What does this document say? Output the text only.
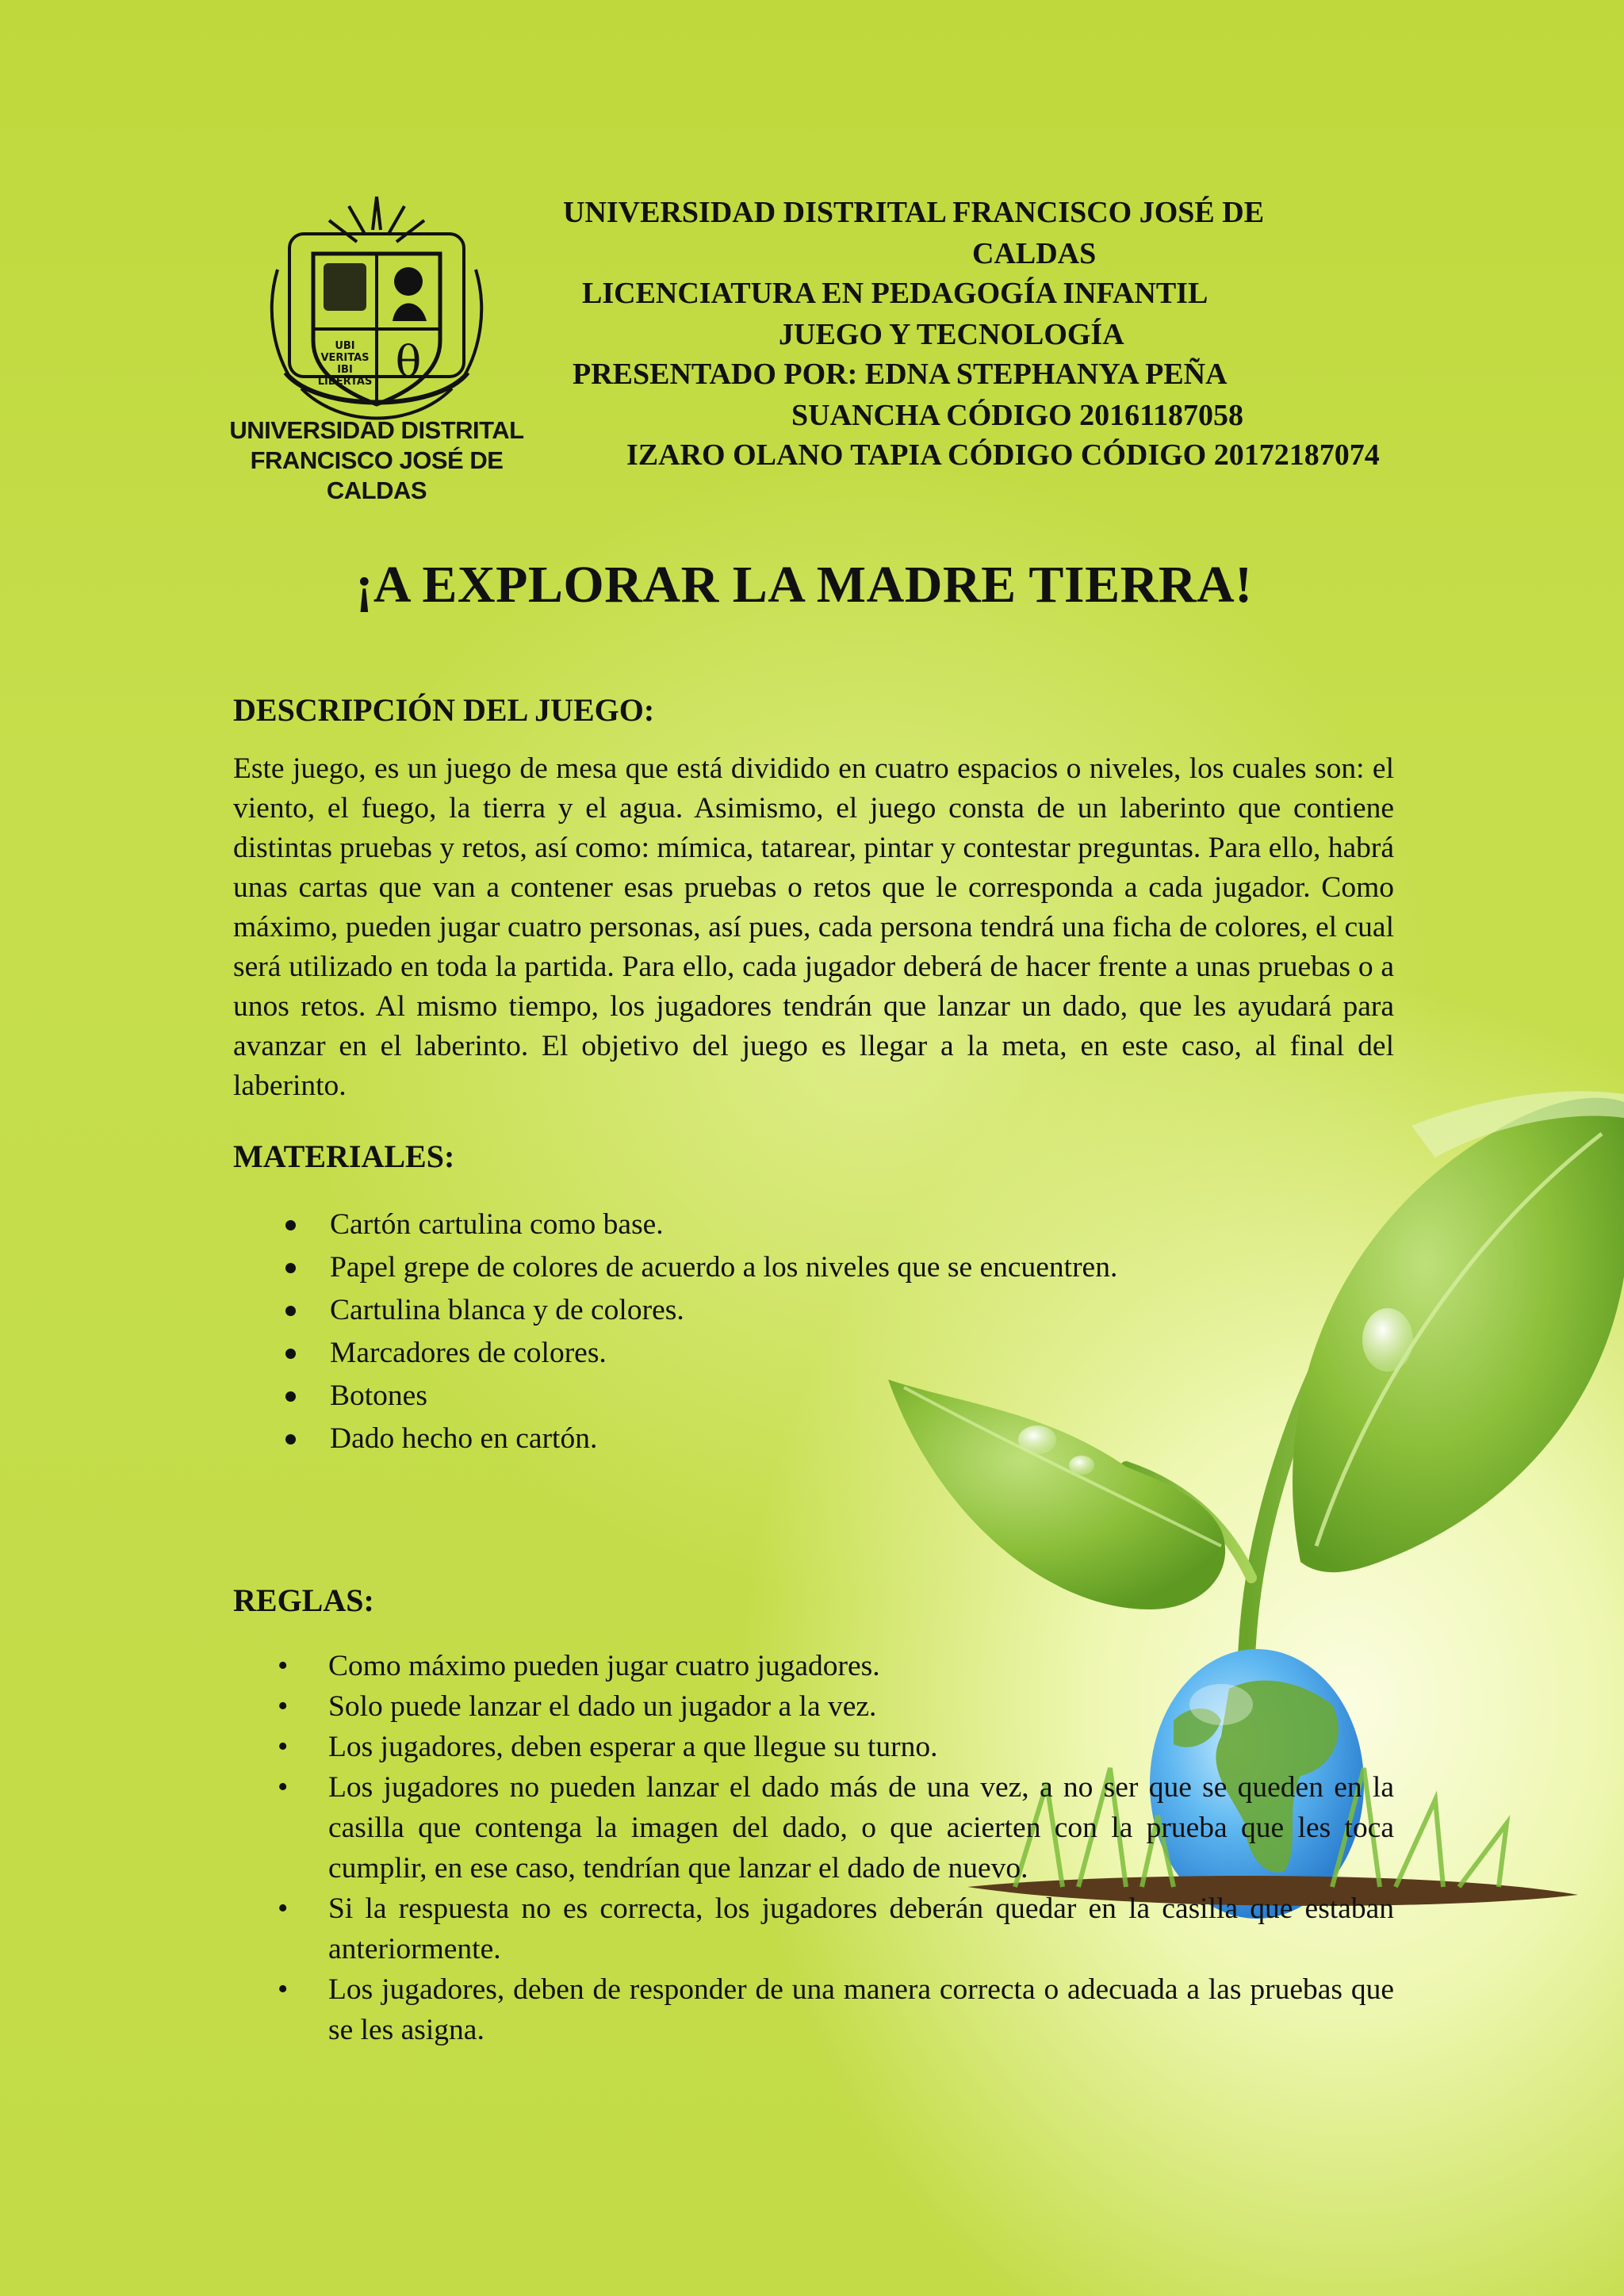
UBI
VERITAS
IBI
LIBERTAS θ
UNIVERSIDAD DISTRITAL
FRANCISCO JOSÉ DE CALDAS
UNIVERSIDAD DISTRITAL FRANCISCO JOSÉ DE
CALDAS
LICENCIATURA EN PEDAGOGÍA INFANTIL
JUEGO Y TECNOLOGÍA
PRESENTADO POR: EDNA STEPHANYA PEÑA
SUANCHA CÓDIGO 20161187058
IZARO OLANO TAPIA CÓDIGO CÓDIGO 20172187074
¡A EXPLORAR LA MADRE TIERRA!
DESCRIPCIÓN DEL JUEGO:
Este juego, es un juego de mesa que está dividido en cuatro espacios o niveles, los cuales son: el viento, el fuego, la tierra y el agua. Asimismo, el juego consta de un laberinto que contiene distintas pruebas y retos, así como: mímica, tatarear, pintar y contestar preguntas. Para ello, habrá unas cartas que van a contener esas pruebas o retos que le corresponda a cada jugador. Como máximo, pueden jugar cuatro personas, así pues, cada persona tendrá una ficha de colores, el cual será utilizado en toda la partida. Para ello, cada jugador deberá de hacer frente a unas pruebas o a unos retos. Al mismo tiempo, los jugadores tendrán que lanzar un dado, que les ayudará para avanzar en el laberinto. El objetivo del juego es llegar a la meta, en este caso, al final del laberinto.
MATERIALES:
Cartón cartulina como base.
Papel grepe de colores de acuerdo a los niveles que se encuentren.
Cartulina blanca y de colores.
Marcadores de colores.
Botones
Dado hecho en cartón.
REGLAS:
• Como máximo pueden jugar cuatro jugadores.
• Solo puede lanzar el dado un jugador a la vez.
• Los jugadores, deben esperar a que llegue su turno.
• Los jugadores no pueden lanzar el dado más de una vez, a no ser que se queden en la casilla que contenga la imagen del dado, o que acierten con la prueba que les toca cumplir, en ese caso, tendrían que lanzar el dado de nuevo.
• Si la respuesta no es correcta, los jugadores deberán quedar en la casilla que estaban anteriormente.
• Los jugadores, deben de responder de una manera correcta o adecuada a las pruebas que se les asigna.
